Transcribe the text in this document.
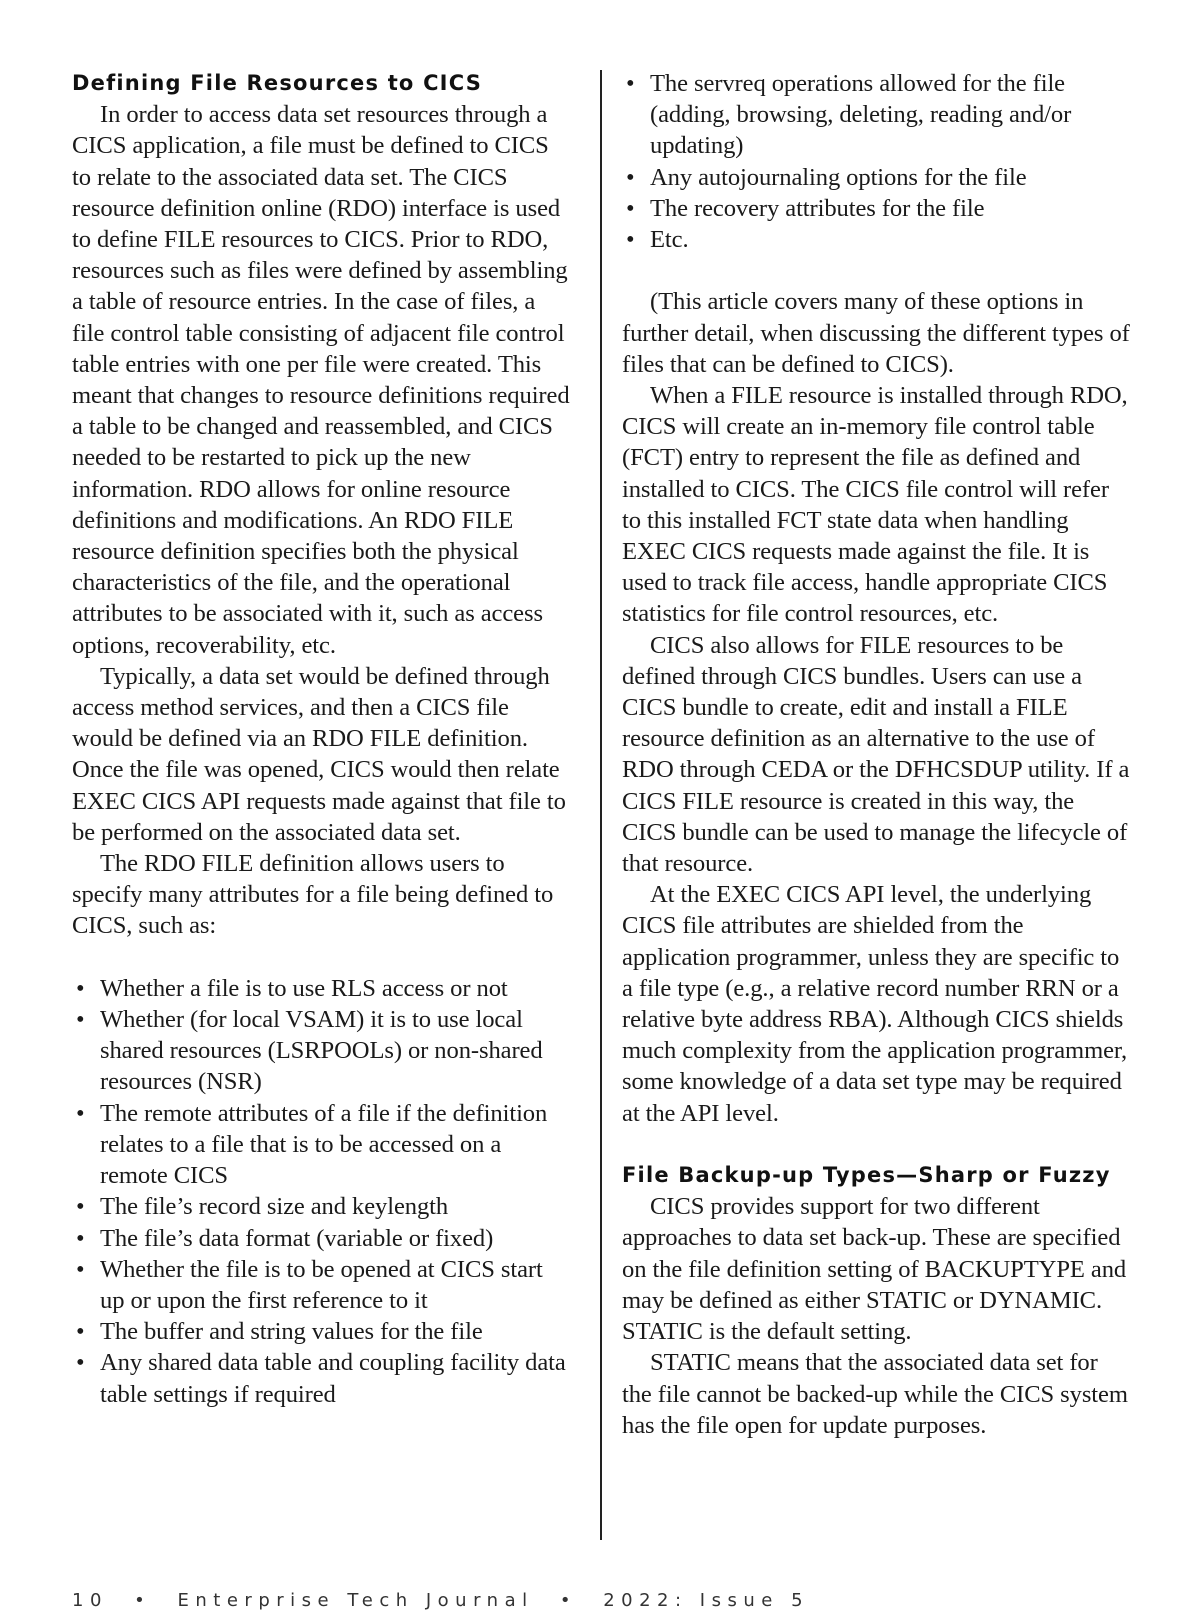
Defining File Resources to CICS

In order to access data set resources through a CICS application, a file must be defined to CICS to relate to the associated data set. The CICS resource definition online (RDO) interface is used to define FILE resources to CICS. Prior to RDO, resources such as files were defined by assembling a table of resource entries. In the case of files, a file control table consisting of adjacent file control table entries with one per file were created. This meant that changes to resource definitions required a table to be changed and reassembled, and CICS needed to be restarted to pick up the new information. RDO allows for online resource definitions and modifications. An RDO FILE resource definition specifies both the physical characteristics of the file, and the operational attributes to be associated with it, such as access options, recoverability, etc.

Typically, a data set would be defined through access method services, and then a CICS file would be defined via an RDO FILE definition. Once the file was opened, CICS would then relate EXEC CICS API requests made against that file to be performed on the associated data set.

The RDO FILE definition allows users to specify many attributes for a file being defined to CICS, such as:

• Whether a file is to use RLS access or not
• Whether (for local VSAM) it is to use local shared resources (LSRPOOLs) or non-shared resources (NSR)
• The remote attributes of a file if the definition relates to a file that is to be accessed on a remote CICS
• The file’s record size and keylength
• The file’s data format (variable or fixed)
• Whether the file is to be opened at CICS start up or upon the first reference to it
• The buffer and string values for the file
• Any shared data table and coupling facility data table settings if required
• The servreq operations allowed for the file (adding, browsing, deleting, reading and/or updating)
• Any autojournaling options for the file
• The recovery attributes for the file
• Etc.

(This article covers many of these options in further detail, when discussing the different types of files that can be defined to CICS).

When a FILE resource is installed through RDO, CICS will create an in-memory file control table (FCT) entry to represent the file as defined and installed to CICS. The CICS file control will refer to this installed FCT state data when handling EXEC CICS requests made against the file. It is used to track file access, handle appropriate CICS statistics for file control resources, etc.

CICS also allows for FILE resources to be defined through CICS bundles. Users can use a CICS bundle to create, edit and install a FILE resource definition as an alternative to the use of RDO through CEDA or the DFHCSDUP utility. If a CICS FILE resource is created in this way, the CICS bundle can be used to manage the lifecycle of that resource.

At the EXEC CICS API level, the underlying CICS file attributes are shielded from the application programmer, unless they are specific to a file type (e.g., a relative record number RRN or a relative byte address RBA). Although CICS shields much complexity from the application programmer, some knowledge of a data set type may be required at the API level.

File Backup-up Types—Sharp or Fuzzy

CICS provides support for two different approaches to data set back-up. These are specified on the file definition setting of BACKUPTYPE and may be defined as either STATIC or DYNAMIC. STATIC is the default setting.

STATIC means that the associated data set for the file cannot be backed-up while the CICS system has the file open for update purposes.

10 • Enterprise Tech Journal • 2022: Issue 5
